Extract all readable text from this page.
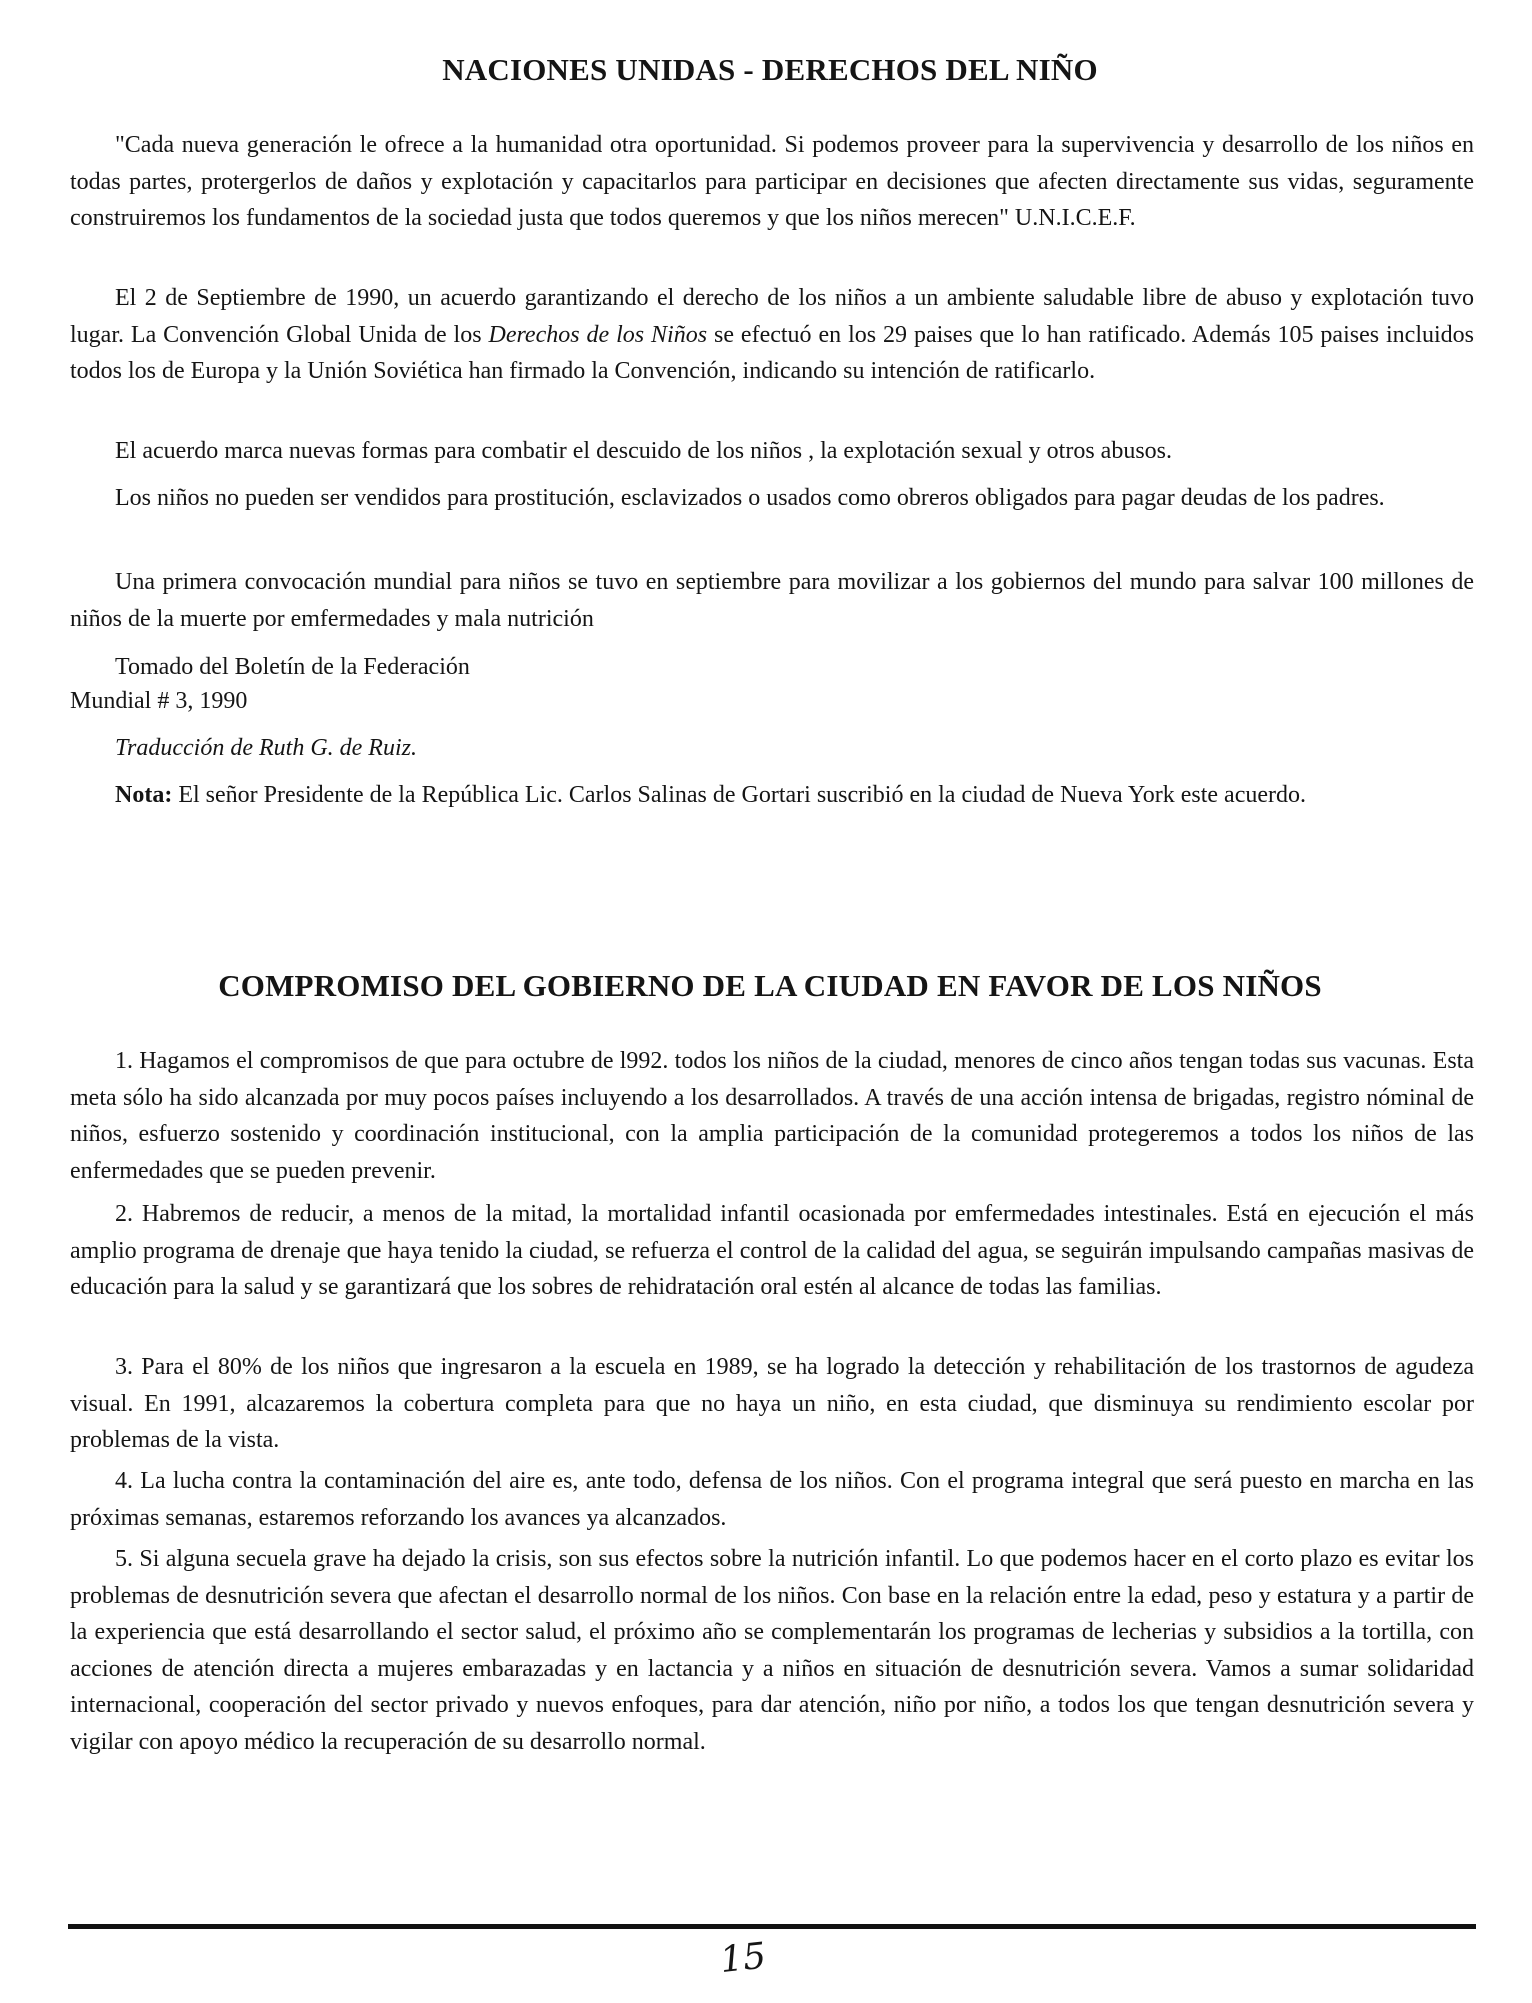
NACIONES UNIDAS - DERECHOS DEL NIÑO

"Cada nueva generación le ofrece a la humanidad otra oportunidad. Si podemos proveer para la supervivencia y desarrollo de los niños en todas partes, protergerlos de daños y explotación y capacitarlos para participar en decisiones que afecten directamente sus vidas, seguramente construiremos los fundamentos de la sociedad justa que todos queremos y que los niños merecen" U.N.I.C.E.F.

El 2 de Septiembre de 1990, un acuerdo garantizando el derecho de los niños a un ambiente saludable libre de abuso y explotación tuvo lugar. La Convención Global Unida de los Derechos de los Niños se efectuó en los 29 paises que lo han ratificado. Además 105 paises incluidos todos los de Europa y la Unión Soviética han firmado la Convención, indicando su intención de ratificarlo.

El acuerdo marca nuevas formas para combatir el descuido de los niños , la explotación sexual y otros abusos.

Los niños no pueden ser vendidos para prostitución, esclavizados o usados como obreros obligados para pagar deudas de los padres.

Una primera convocación mundial para niños se tuvo en septiembre para movilizar a los gobiernos del mundo para salvar 100 millones de niños de la muerte por emfermedades y mala nutrición

Tomado del Boletín de la Federación
Mundial # 3, 1990

Traducción de Ruth G. de Ruiz.

Nota: El señor Presidente de la República Lic. Carlos Salinas de Gortari suscribió en la ciudad de Nueva York este acuerdo.

COMPROMISO DEL GOBIERNO DE LA CIUDAD EN FAVOR DE LOS NIÑOS

1. Hagamos el compromisos de que para octubre de l992. todos los niños de la ciudad, menores de cinco años tengan todas sus vacunas. Esta meta sólo ha sido alcanzada por muy pocos países incluyendo a los desarrollados. A través de una acción intensa de brigadas, registro nóminal de niños, esfuerzo sostenido y coordinación institucional, con la amplia participación de la comunidad protegeremos a todos los niños de las enfermedades que se pueden prevenir.

2. Habremos de reducir, a menos de la mitad, la mortalidad infantil ocasionada por emfermedades intestinales. Está en ejecución el más amplio programa de drenaje que haya tenido la ciudad, se refuerza el control de la calidad del agua, se seguirán impulsando campañas masivas de educación para la salud y se garantizará que los sobres de rehidratación oral estén al alcance de todas las familias.

3. Para el 80% de los niños que ingresaron a la escuela en 1989, se ha logrado la detección y rehabilitación de los trastornos de agudeza visual. En 1991, alcazaremos la cobertura completa para que no haya un niño, en esta ciudad, que disminuya su rendimiento escolar por problemas de la vista.

4. La lucha contra la contaminación del aire es, ante todo, defensa de los niños. Con el programa integral que será puesto en marcha en las próximas semanas, estaremos reforzando los avances ya alcanzados.

5. Si alguna secuela grave ha dejado la crisis, son sus efectos sobre la nutrición infantil. Lo que podemos hacer en el corto plazo es evitar los problemas de desnutrición severa que afectan el desarrollo normal de los niños. Con base en la relación entre la edad, peso y estatura y a partir de la experiencia que está desarrollando el sector salud, el próximo año se complementarán los programas de lecherias y subsidios a la tortilla, con acciones de atención directa a mujeres embarazadas y en lactancia y a niños en situación de desnutrición severa. Vamos a sumar solidaridad internacional, cooperación del sector privado y nuevos enfoques, para dar atención, niño por niño, a todos los que tengan desnutrición severa y vigilar con apoyo médico la recuperación de su desarrollo normal.

15
